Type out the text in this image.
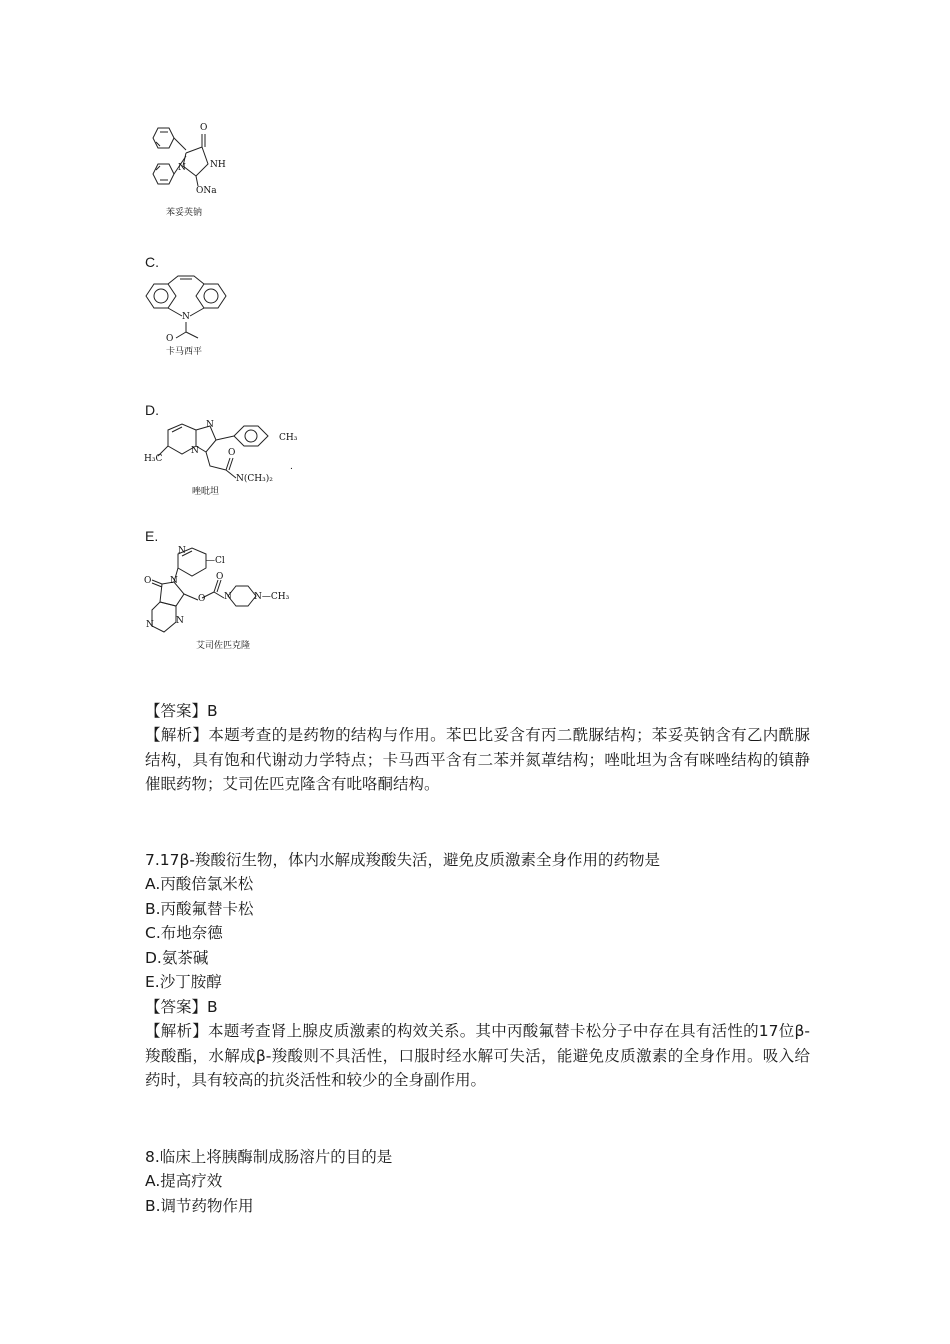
O
NH
N
ONa
苯妥英钠
C.
N
O
卡马西平
D.
N
N
H₃C
CH₃
O
N(CH₃)₂
.
唑吡坦
E.
N
—Cl
O N
O
O
N N—CH₃
N N
艾司佐匹克隆
【答案】B
【解析】本题考查的是药物的结构与作用。苯巴比妥含有丙二酰脲结构；苯妥英钠含有乙内酰脲结构，具有饱和代谢动力学特点；卡马西平含有二苯并氮䓬结构；唑吡坦为含有咪唑结构的镇静催眠药物；艾司佐匹克隆含有吡咯酮结构。
7.17β-羧酸衍生物，体内水解成羧酸失活，避免皮质激素全身作用的药物是
A.丙酸倍氯米松
B.丙酸氟替卡松
C.布地奈德
D.氨茶碱
E.沙丁胺醇
【答案】B
【解析】本题考查肾上腺皮质激素的构效关系。其中丙酸氟替卡松分子中存在具有活性的17位β-羧酸酯，水解成β-羧酸则不具活性，口服时经水解可失活，能避免皮质激素的全身作用。吸入给药时，具有较高的抗炎活性和较少的全身副作用。
8.临床上将胰酶制成肠溶片的目的是
A.提高疗效
B.调节药物作用
